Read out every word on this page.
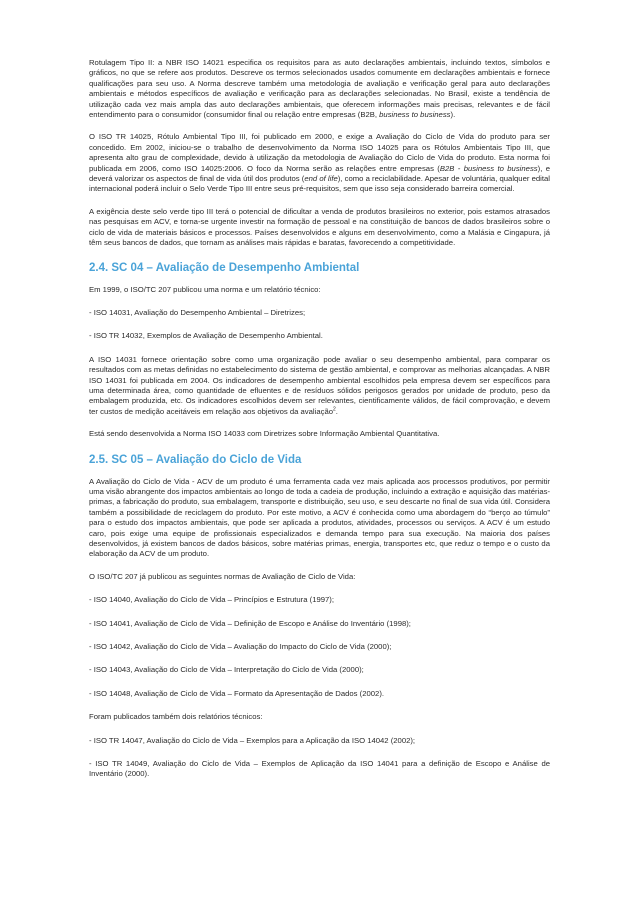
Rotulagem Tipo II: a NBR ISO 14021 especifica os requisitos para as auto declarações ambientais, incluindo textos, símbolos e gráficos, no que se refere aos produtos. Descreve os termos selecionados usados comumente em declarações ambientais e fornece qualificações para seu uso. A Norma descreve também uma metodologia de avaliação e verificação geral para auto declarações ambientais e métodos específicos de avaliação e verificação para as declarações selecionadas. No Brasil, existe a tendência de utilização cada vez mais ampla das auto declarações ambientais, que oferecem informações mais precisas, relevantes e de fácil entendimento para o consumidor (consumidor final ou relação entre empresas (B2B, business to business).

O ISO TR 14025, Rótulo Ambiental Tipo III, foi publicado em 2000, e exige a Avaliação do Ciclo de Vida do produto para ser concedido. Em 2002, iniciou-se o trabalho de desenvolvimento da Norma ISO 14025 para os Rótulos Ambientais Tipo III, que apresenta alto grau de complexidade, devido à utilização da metodologia de Avaliação do Ciclo de Vida do produto. Esta norma foi publicada em 2006, como ISO 14025:2006. O foco da Norma serão as relações entre empresas (B2B - business to business), e deverá valorizar os aspectos de final de vida útil dos produtos (end of life), como a reciclabilidade. Apesar de voluntária, qualquer edital internacional poderá incluir o Selo Verde Tipo III entre seus pré-requisitos, sem que isso seja considerado barreira comercial.

A exigência deste selo verde tipo III terá o potencial de dificultar a venda de produtos brasileiros no exterior, pois estamos atrasados nas pesquisas em ACV, e torna-se urgente investir na formação de pessoal e na constituição de bancos de dados brasileiros sobre o ciclo de vida de materiais básicos e processos. Países desenvolvidos e alguns em desenvolvimento, como a Malásia e Cingapura, já têm seus bancos de dados, que tornam as análises mais rápidas e baratas, favorecendo a competitividade.

2.4. SC 04 – Avaliação de Desempenho Ambiental

Em 1999, o ISO/TC 207 publicou uma norma e um relatório técnico:

- ISO 14031, Avaliação do Desempenho Ambiental – Diretrizes;

- ISO TR 14032, Exemplos de Avaliação de Desempenho Ambiental.

A ISO 14031 fornece orientação sobre como uma organização pode avaliar o seu desempenho ambiental, para comparar os resultados com as metas definidas no estabelecimento do sistema de gestão ambiental, e comprovar as melhorias alcançadas. A NBR ISO 14031 foi publicada em 2004. Os indicadores de desempenho ambiental escolhidos pela empresa devem ser específicos para uma determinada área, como quantidade de efluentes e de resíduos sólidos perigosos gerados por unidade de produto, peso da embalagem produzida, etc. Os indicadores escolhidos devem ser relevantes, cientificamente válidos, de fácil comprovação, e devem ter custos de medição aceitáveis em relação aos objetivos da avaliação$^2$.

Está sendo desenvolvida a Norma ISO 14033 com Diretrizes sobre Informação Ambiental Quantitativa.

2.5. SC 05 – Avaliação do Ciclo de Vida

A Avaliação do Ciclo de Vida - ACV de um produto é uma ferramenta cada vez mais aplicada aos processos produtivos, por permitir uma visão abrangente dos impactos ambientais ao longo de toda a cadeia de produção, incluindo a extração e aquisição das matérias-primas, a fabricação do produto, sua embalagem, transporte e distribuição, seu uso, e seu descarte no final de sua vida útil. Considera também a possibilidade de reciclagem do produto. Por este motivo, a ACV é conhecida como uma abordagem do “berço ao túmulo” para o estudo dos impactos ambientais, que pode ser aplicada a produtos, atividades, processos ou serviços. A ACV é um estudo caro, pois exige uma equipe de profissionais especializados e demanda tempo para sua execução. Na maioria dos países desenvolvidos, já existem bancos de dados básicos, sobre matérias primas, energia, transportes etc, que reduz o tempo e o custo da elaboração da ACV de um produto.

O ISO/TC 207 já publicou as seguintes normas de Avaliação de Ciclo de Vida:

- ISO 14040, Avaliação do Ciclo de Vida – Princípios e Estrutura (1997);

- ISO 14041, Avaliação de Ciclo de Vida – Definição de Escopo e Análise do Inventário (1998);

- ISO 14042, Avaliação do Ciclo de Vida – Avaliação do Impacto do Ciclo de Vida (2000);

- ISO 14043, Avaliação do Ciclo de Vida – Interpretação do Ciclo de Vida (2000);

- ISO 14048, Avaliação de Ciclo de Vida – Formato da Apresentação de Dados (2002).

Foram publicados também dois relatórios técnicos:

- ISO TR 14047, Avaliação do Ciclo de Vida – Exemplos para a Aplicação da ISO 14042 (2002);

- ISO TR 14049, Avaliação do Ciclo de Vida – Exemplos de Aplicação da ISO 14041 para a definição de Escopo e Análise de Inventário (2000).
